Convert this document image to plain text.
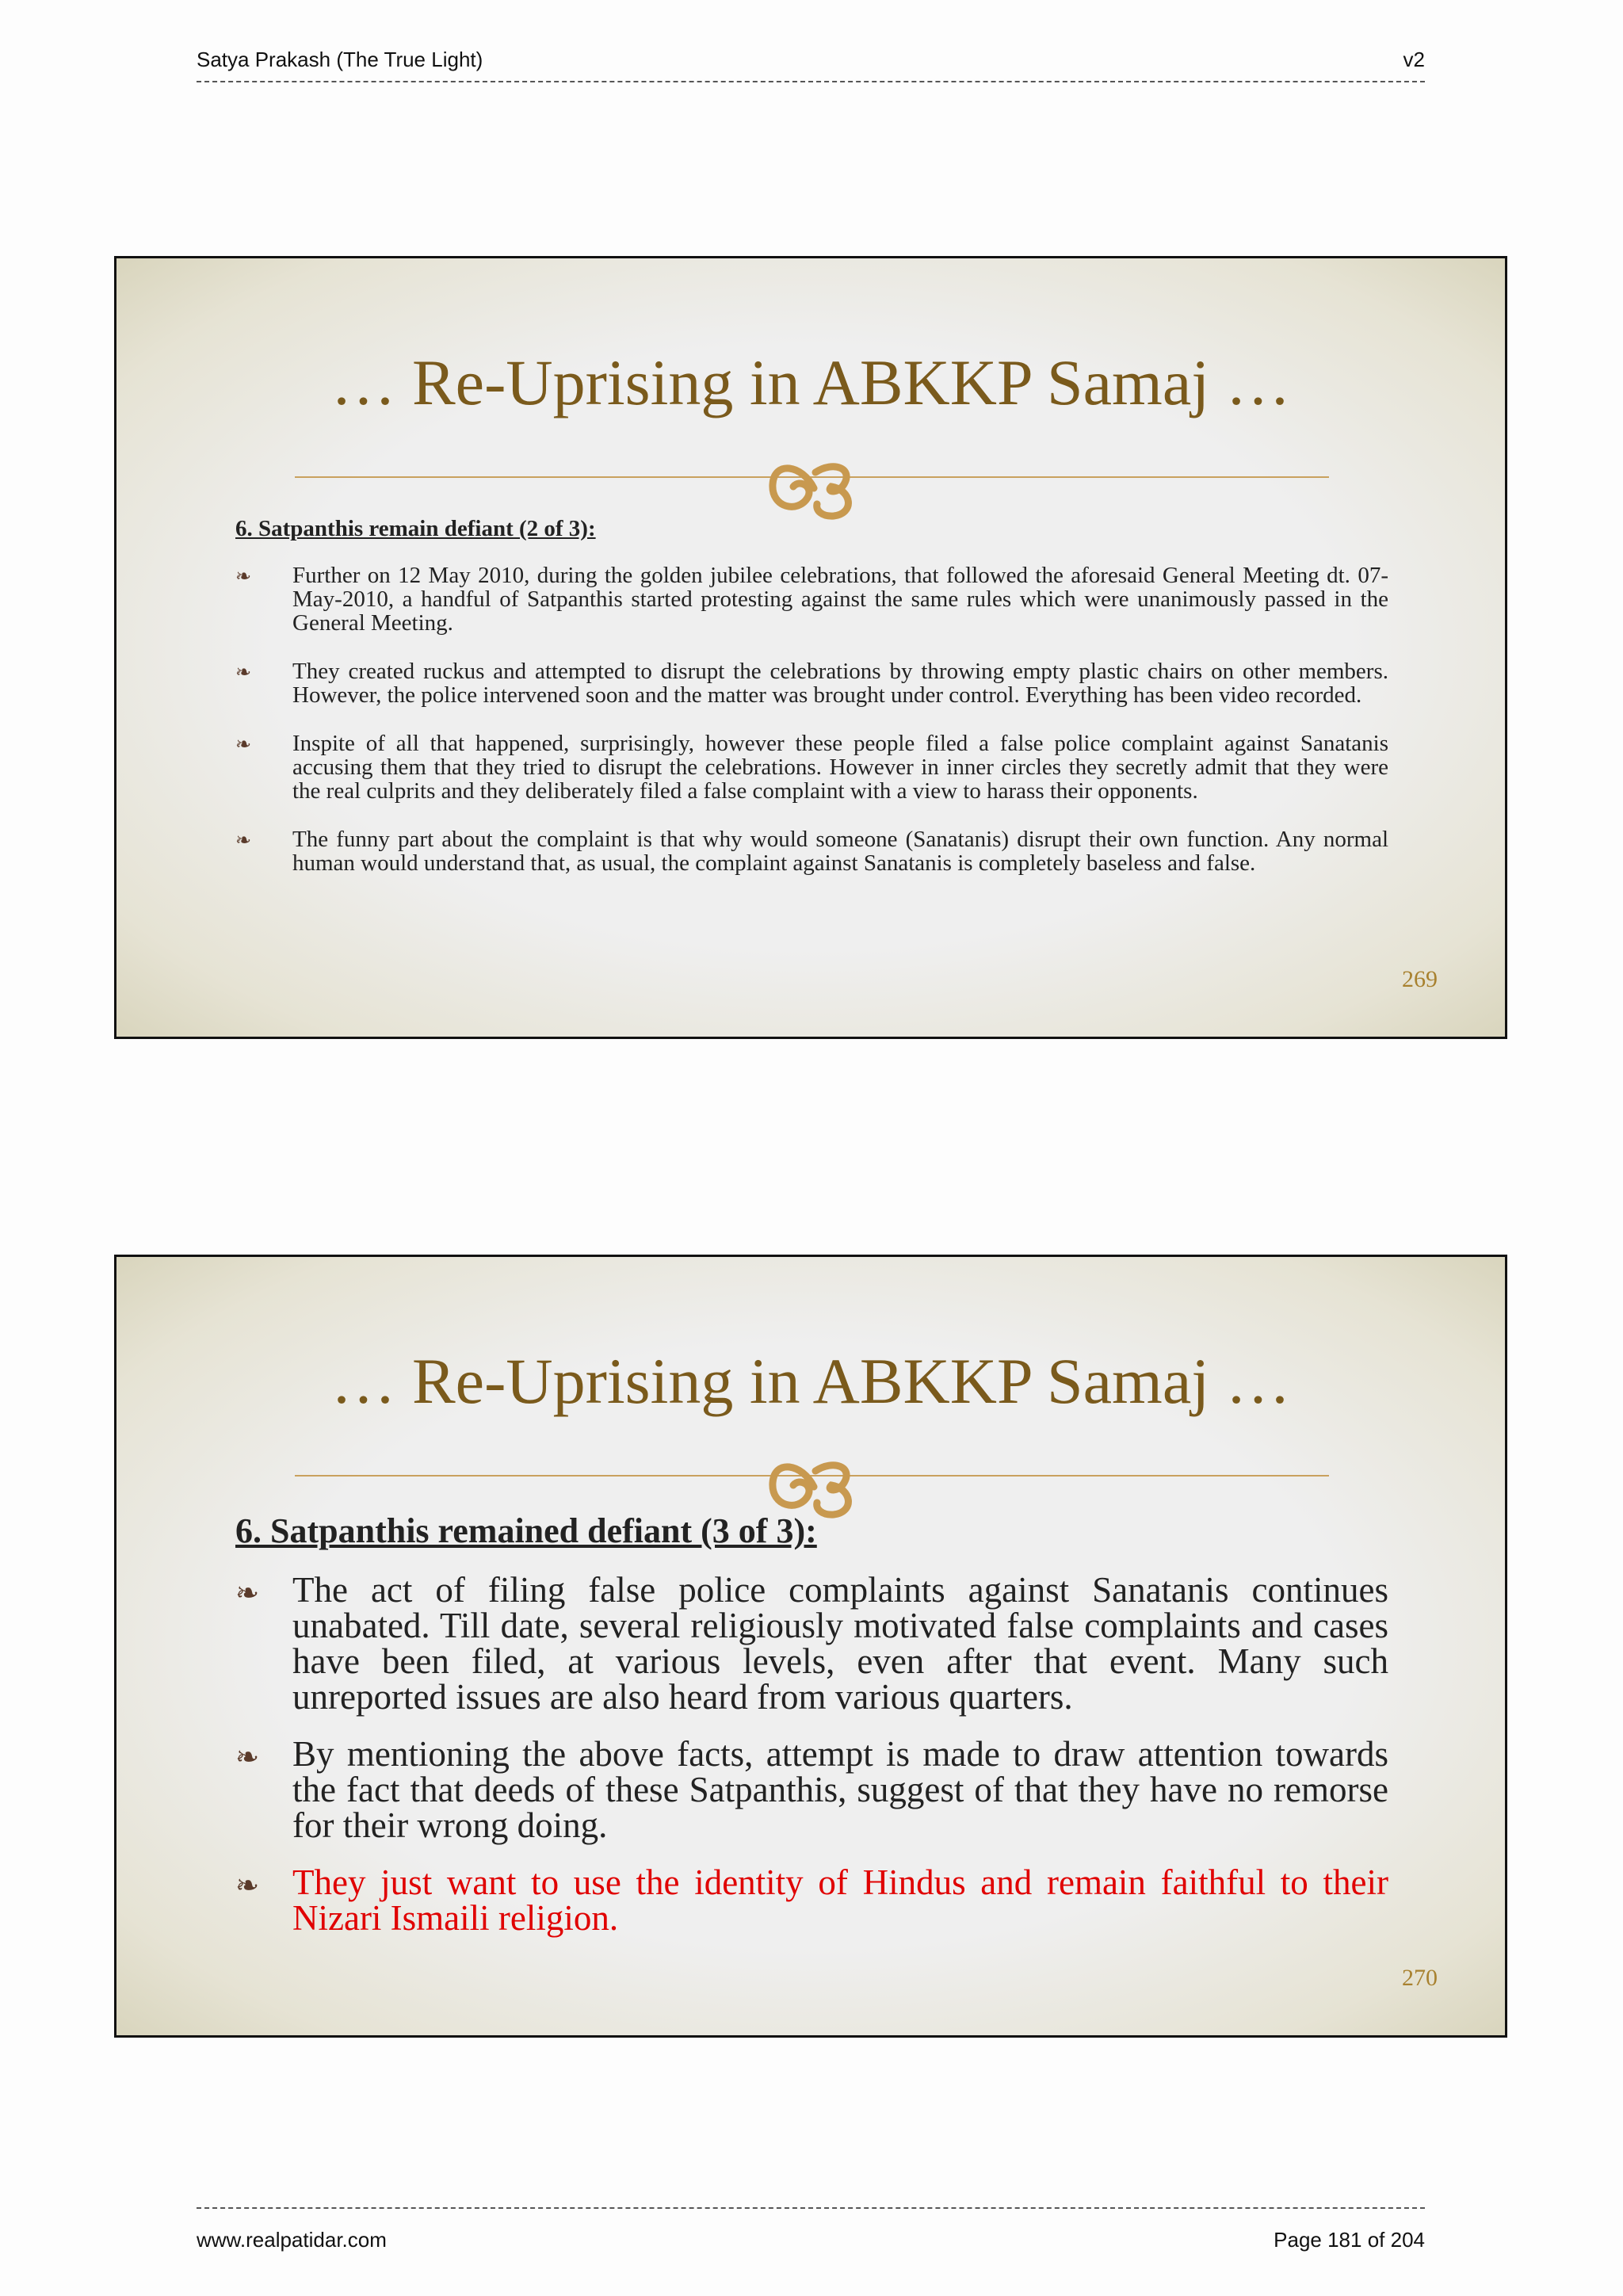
Satya Prakash (The True Light)	v2
… Re-Uprising in ABKKP Samaj …
6. Satpanthis remain defiant (2 of 3):
❧ Further on 12 May 2010, during the golden jubilee celebrations, that followed the aforesaid General Meeting dt. 07-May-2010, a handful of Satpanthis started protesting against the same rules which were unanimously passed in the General Meeting.
❧ They created ruckus and attempted to disrupt the celebrations by throwing empty plastic chairs on other members. However, the police intervened soon and the matter was brought under control. Everything has been video recorded.
❧ Inspite of all that happened, surprisingly, however these people filed a false police complaint against Sanatanis accusing them that they tried to disrupt the celebrations. However in inner circles they secretly admit that they were the real culprits and they deliberately filed a false complaint with a view to harass their opponents.
❧ The funny part about the complaint is that why would someone (Sanatanis) disrupt their own function. Any normal human would understand that, as usual, the complaint against Sanatanis is completely baseless and false.
269
… Re-Uprising in ABKKP Samaj …
6. Satpanthis remained defiant (3 of 3):
❧ The act of filing false police complaints against Sanatanis continues unabated. Till date, several religiously motivated false complaints and cases have been filed, at various levels, even after that event. Many such unreported issues are also heard from various quarters.
❧ By mentioning the above facts, attempt is made to draw attention towards the fact that deeds of these Satpanthis, suggest of that they have no remorse for their wrong doing.
❧ They just want to use the identity of Hindus and remain faithful to their Nizari Ismaili religion.
270
www.realpatidar.com	Page 181 of 204
